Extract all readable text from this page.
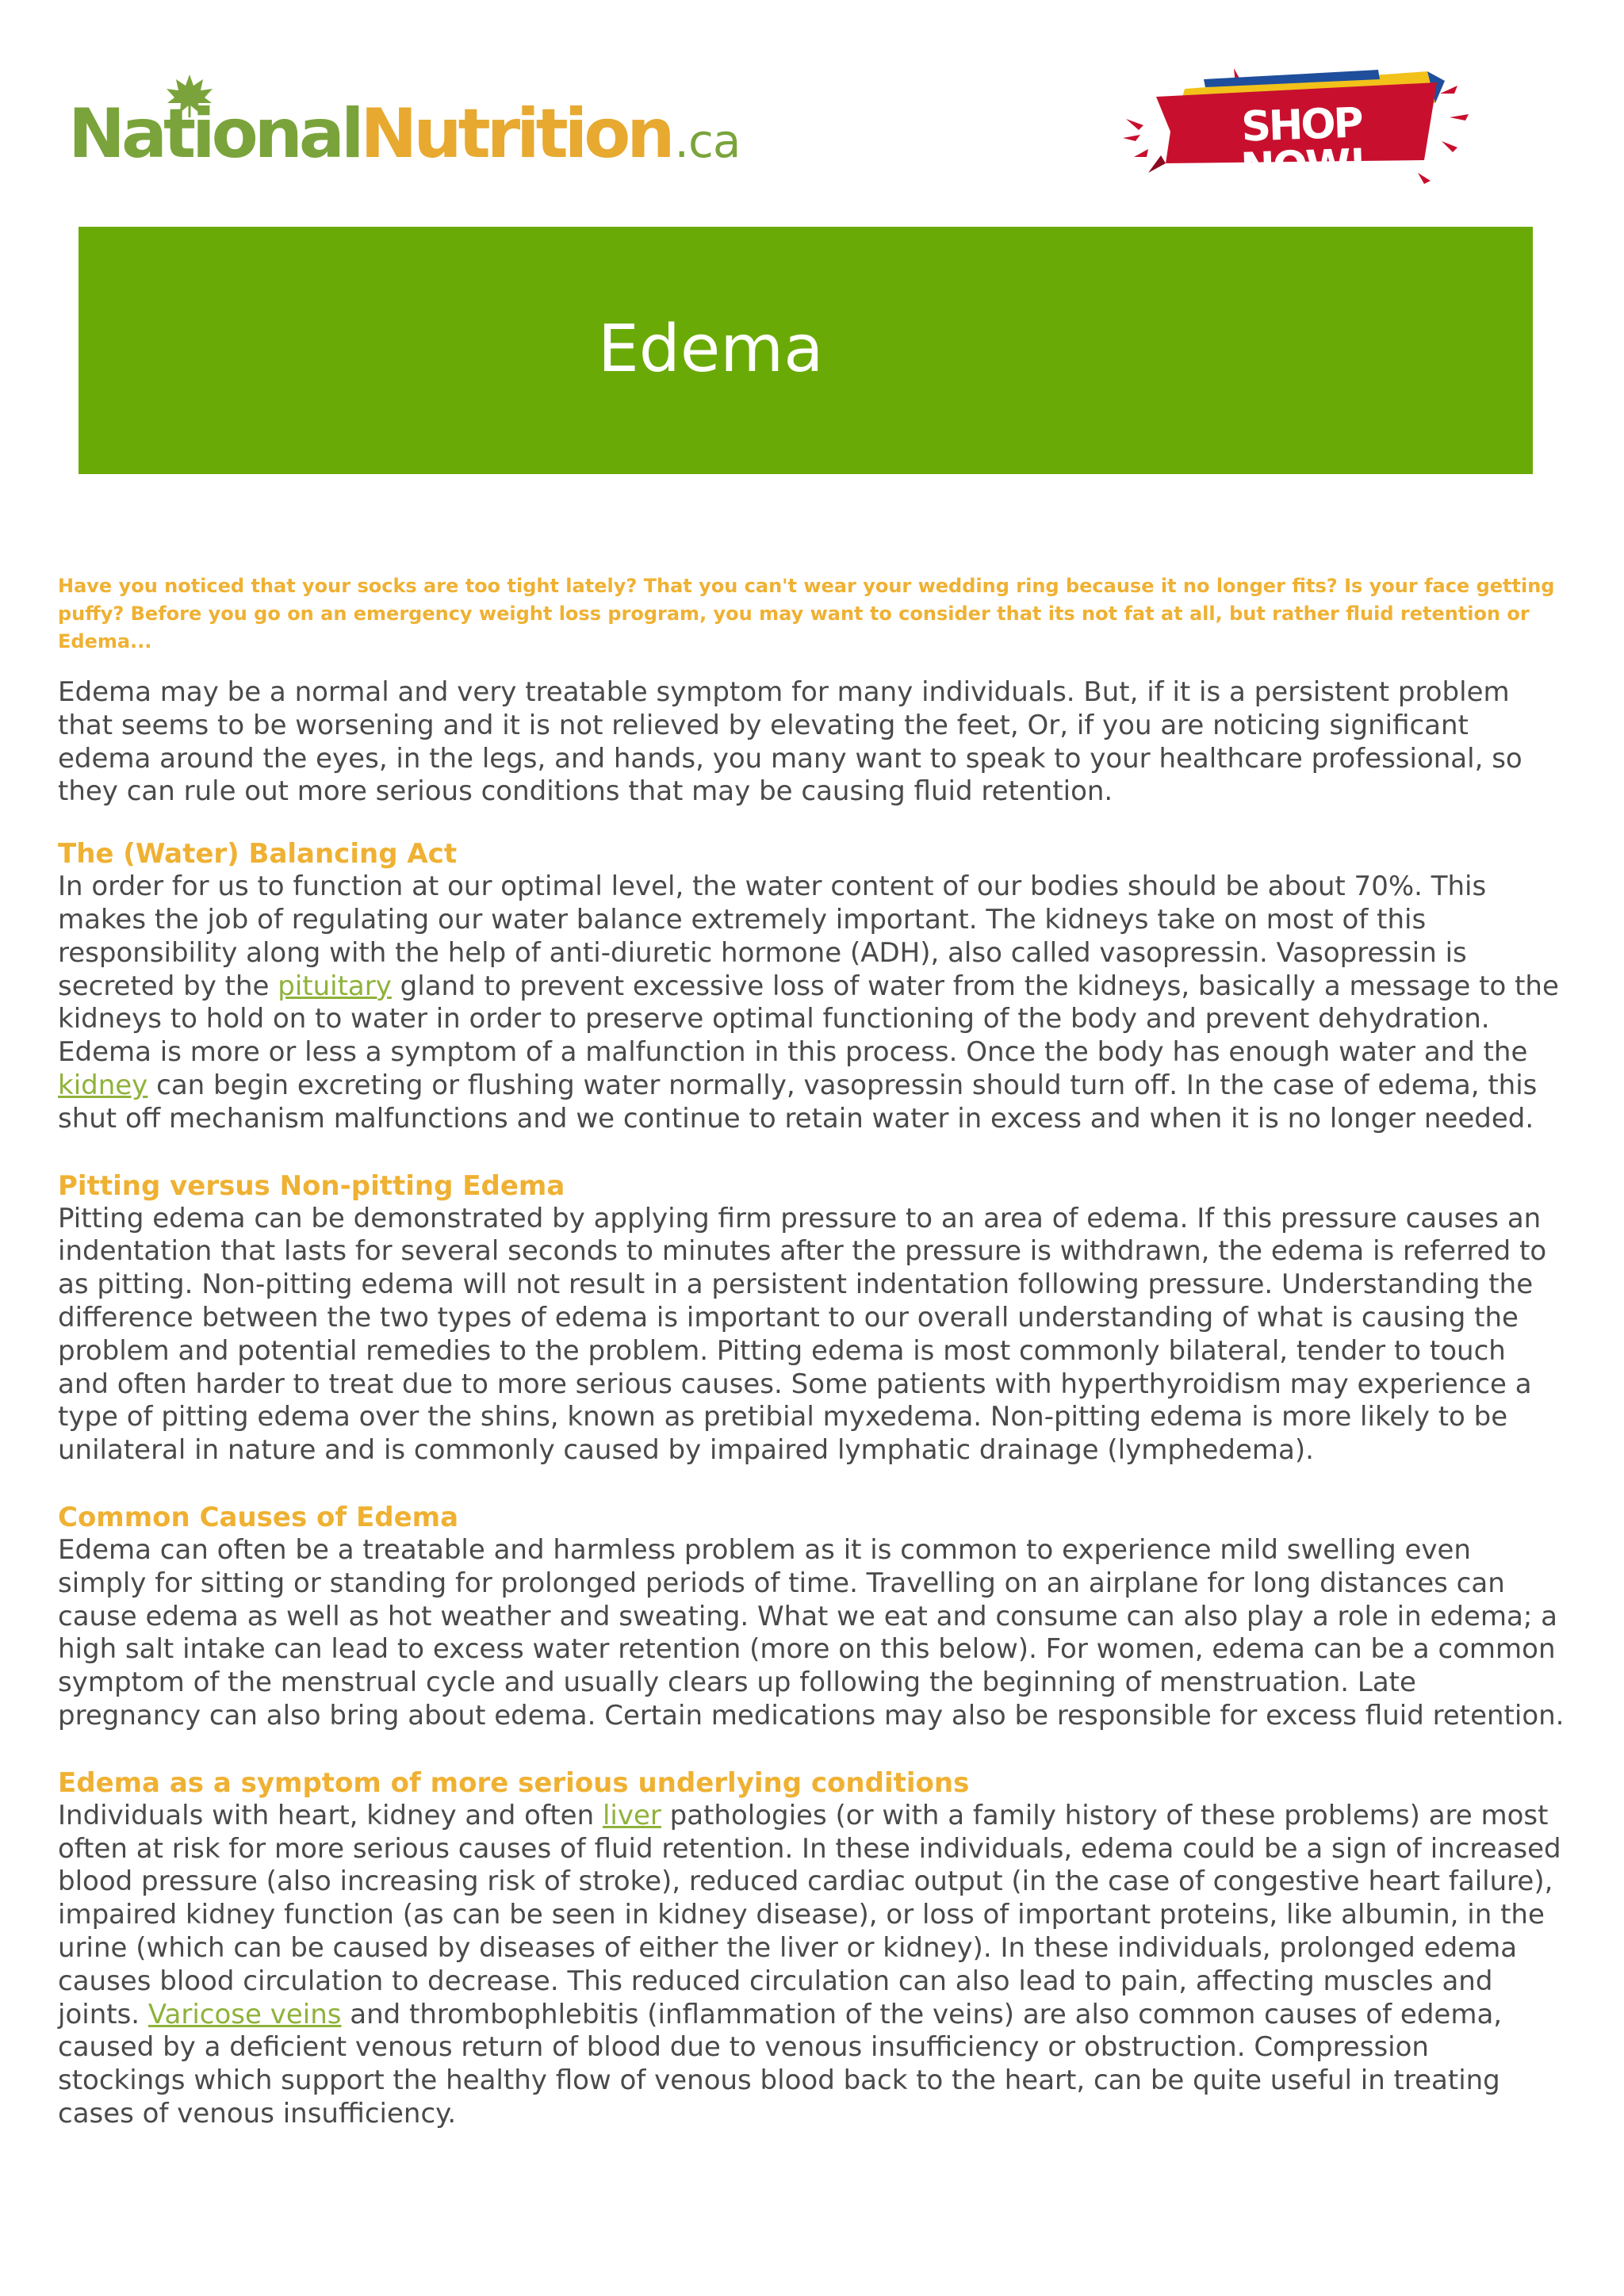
NationalNutrition.ca	SHOP NOW!
Edema

Have you noticed that your socks are too tight lately? That you can't wear your wedding ring because it no longer fits? Is your face getting puffy? Before you go on an emergency weight loss program, you may want to consider that its not fat at all, but rather fluid retention or Edema...

Edema may be a normal and very treatable symptom for many individuals. But, if it is a persistent problem that seems to be worsening and it is not relieved by elevating the feet, Or, if you are noticing significant edema around the eyes, in the legs, and hands, you many want to speak to your healthcare professional, so they can rule out more serious conditions that may be causing fluid retention.

The (Water) Balancing Act

In order for us to function at our optimal level, the water content of our bodies should be about 70%. This makes the job of regulating our water balance extremely important. The kidneys take on most of this responsibility along with the help of anti-diuretic hormone (ADH), also called vasopressin. Vasopressin is secreted by the pituitary gland to prevent excessive loss of water from the kidneys, basically a message to the kidneys to hold on to water in order to preserve optimal functioning of the body and prevent dehydration. Edema is more or less a symptom of a malfunction in this process. Once the body has enough water and the kidney can begin excreting or flushing water normally, vasopressin should turn off. In the case of edema, this shut off mechanism malfunctions and we continue to retain water in excess and when it is no longer needed.

Pitting versus Non-pitting Edema

Pitting edema can be demonstrated by applying firm pressure to an area of edema. If this pressure causes an indentation that lasts for several seconds to minutes after the pressure is withdrawn, the edema is referred to as pitting. Non-pitting edema will not result in a persistent indentation following pressure. Understanding the difference between the two types of edema is important to our overall understanding of what is causing the problem and potential remedies to the problem. Pitting edema is most commonly bilateral, tender to touch and often harder to treat due to more serious causes. Some patients with hyperthyroidism may experience a type of pitting edema over the shins, known as pretibial myxedema. Non-pitting edema is more likely to be unilateral in nature and is commonly caused by impaired lymphatic drainage (lymphedema).

Common Causes of Edema

Edema can often be a treatable and harmless problem as it is common to experience mild swelling even simply for sitting or standing for prolonged periods of time. Travelling on an airplane for long distances can cause edema as well as hot weather and sweating. What we eat and consume can also play a role in edema; a high salt intake can lead to excess water retention (more on this below). For women, edema can be a common symptom of the menstrual cycle and usually clears up following the beginning of menstruation. Late pregnancy can also bring about edema. Certain medications may also be responsible for excess fluid retention.

Edema as a symptom of more serious underlying conditions

Individuals with heart, kidney and often liver pathologies (or with a family history of these problems) are most often at risk for more serious causes of fluid retention. In these individuals, edema could be a sign of increased blood pressure (also increasing risk of stroke), reduced cardiac output (in the case of congestive heart failure), impaired kidney function (as can be seen in kidney disease), or loss of important proteins, like albumin, in the urine (which can be caused by diseases of either the liver or kidney). In these individuals, prolonged edema causes blood circulation to decrease. This reduced circulation can also lead to pain, affecting muscles and joints. Varicose veins and thrombophlebitis (inflammation of the veins) are also common causes of edema, caused by a deficient venous return of blood due to venous insufficiency or obstruction. Compression stockings which support the healthy flow of venous blood back to the heart, can be quite useful in treating cases of venous insufficiency.
